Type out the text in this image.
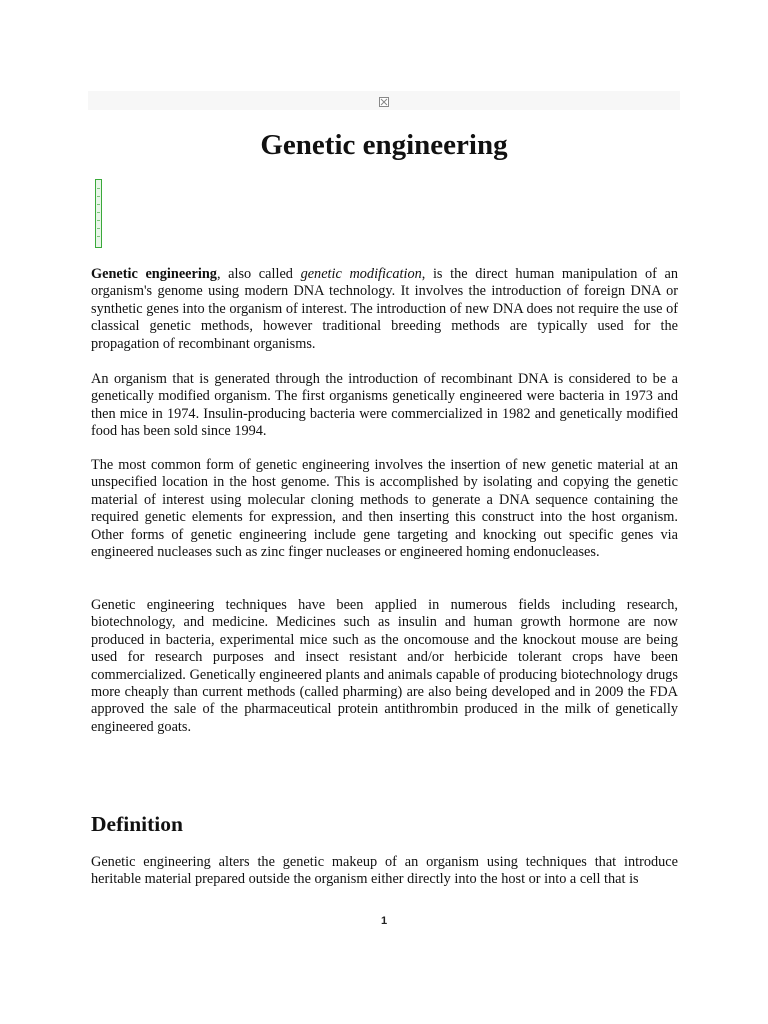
Genetic engineering

Genetic engineering, also called genetic modification, is the direct human manipulation of an organism's genome using modern DNA technology. It involves the introduction of foreign DNA or synthetic genes into the organism of interest. The introduction of new DNA does not require the use of classical genetic methods, however traditional breeding methods are typically used for the propagation of recombinant organisms.

An organism that is generated through the introduction of recombinant DNA is considered to be a genetically modified organism. The first organisms genetically engineered were bacteria in 1973 and then mice in 1974. Insulin-producing bacteria were commercialized in 1982 and genetically modified food has been sold since 1994.

The most common form of genetic engineering involves the insertion of new genetic material at an unspecified location in the host genome. This is accomplished by isolating and copying the genetic material of interest using molecular cloning methods to generate a DNA sequence containing the required genetic elements for expression, and then inserting this construct into the host organism. Other forms of genetic engineering include gene targeting and knocking out specific genes via engineered nucleases such as zinc finger nucleases or engineered homing endonucleases.

Genetic engineering techniques have been applied in numerous fields including research, biotechnology, and medicine. Medicines such as insulin and human growth hormone are now produced in bacteria, experimental mice such as the oncomouse and the knockout mouse are being used for research purposes and insect resistant and/or herbicide tolerant crops have been commercialized. Genetically engineered plants and animals capable of producing biotechnology drugs more cheaply than current methods (called pharming) are also being developed and in 2009 the FDA approved the sale of the pharmaceutical protein antithrombin produced in the milk of genetically engineered goats.

Definition

Genetic engineering alters the genetic makeup of an organism using techniques that introduce heritable material prepared outside the organism either directly into the host or into a cell that is

1
